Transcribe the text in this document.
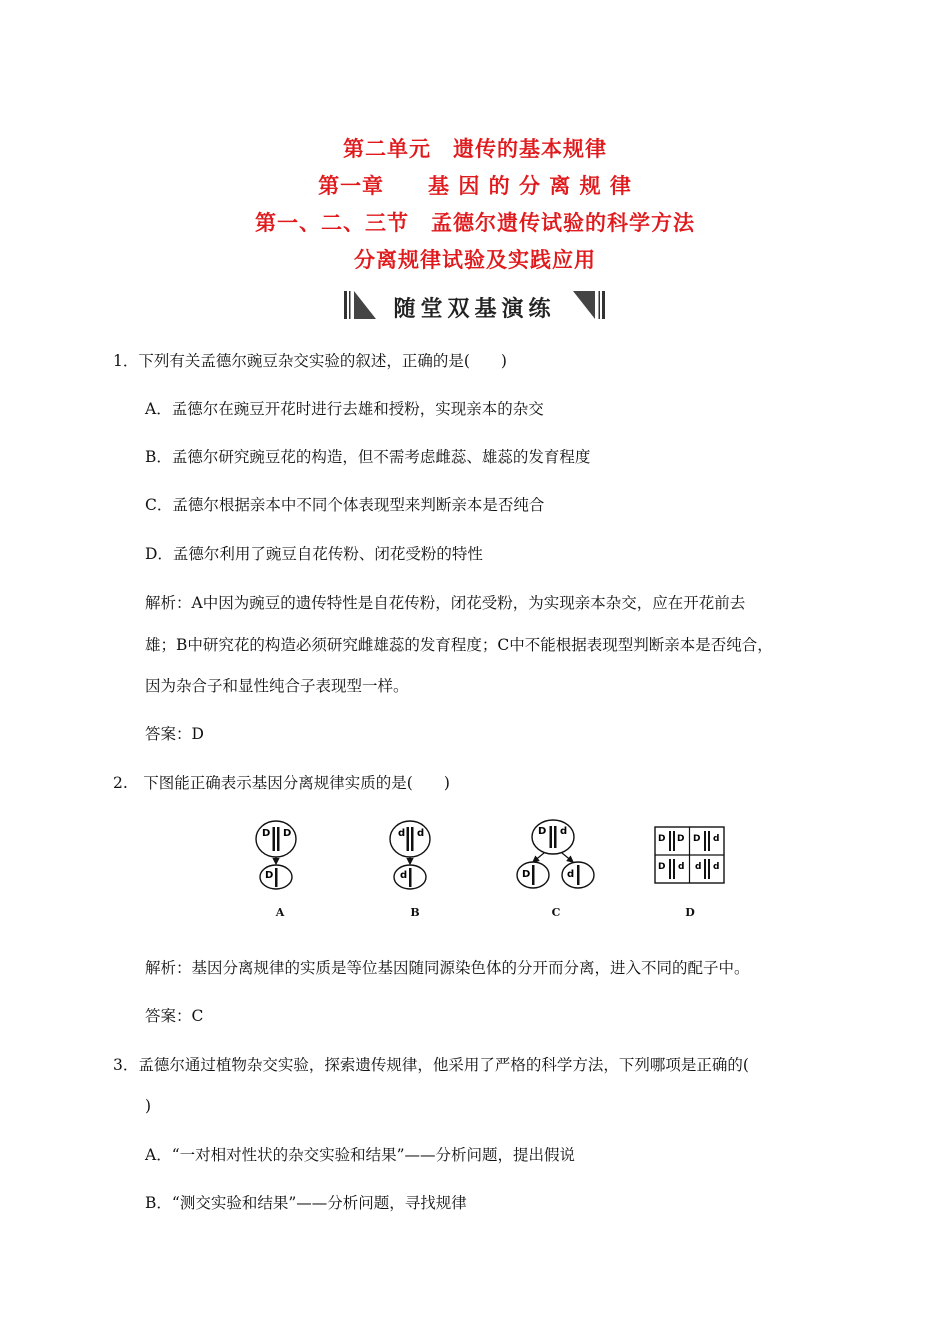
第二单元　遗传的基本规律
第一章　　基 因 的 分 离 规 律
第一、二、三节　孟德尔遗传试验的科学方法
分离规律试验及实践应用
随堂双基演练
1．下列有关孟德尔豌豆杂交实验的叙述，正确的是(　　)
A．孟德尔在豌豆开花时进行去雄和授粉，实现亲本的杂交
B．孟德尔研究豌豆花的构造，但不需考虑雌蕊、雄蕊的发育程度
C．孟德尔根据亲本中不同个体表现型来判断亲本是否纯合
D．孟德尔利用了豌豆自花传粉、闭花受粉的特性
解析：A中因为豌豆的遗传特性是自花传粉，闭花受粉，为实现亲本杂交，应在开花前去
雄；B中研究花的构造必须研究雌雄蕊的发育程度；C中不能根据表现型判断亲本是否纯合，
因为杂合子和显性纯合子表现型一样。
答案：D
2.　下图能正确表示基因分离规律实质的是(　　)
D D
D
d d
d
D d
D	d
D D D d
D d d d
A	B	C	D
解析：基因分离规律的实质是等位基因随同源染色体的分开而分离，进入不同的配子中。
答案：C
3．孟德尔通过植物杂交实验，探索遗传规律，他采用了严格的科学方法，下列哪项是正确的(
)
A．“一对相对性状的杂交实验和结果”——分析问题，提出假说
B．“测交实验和结果”——分析问题，寻找规律
